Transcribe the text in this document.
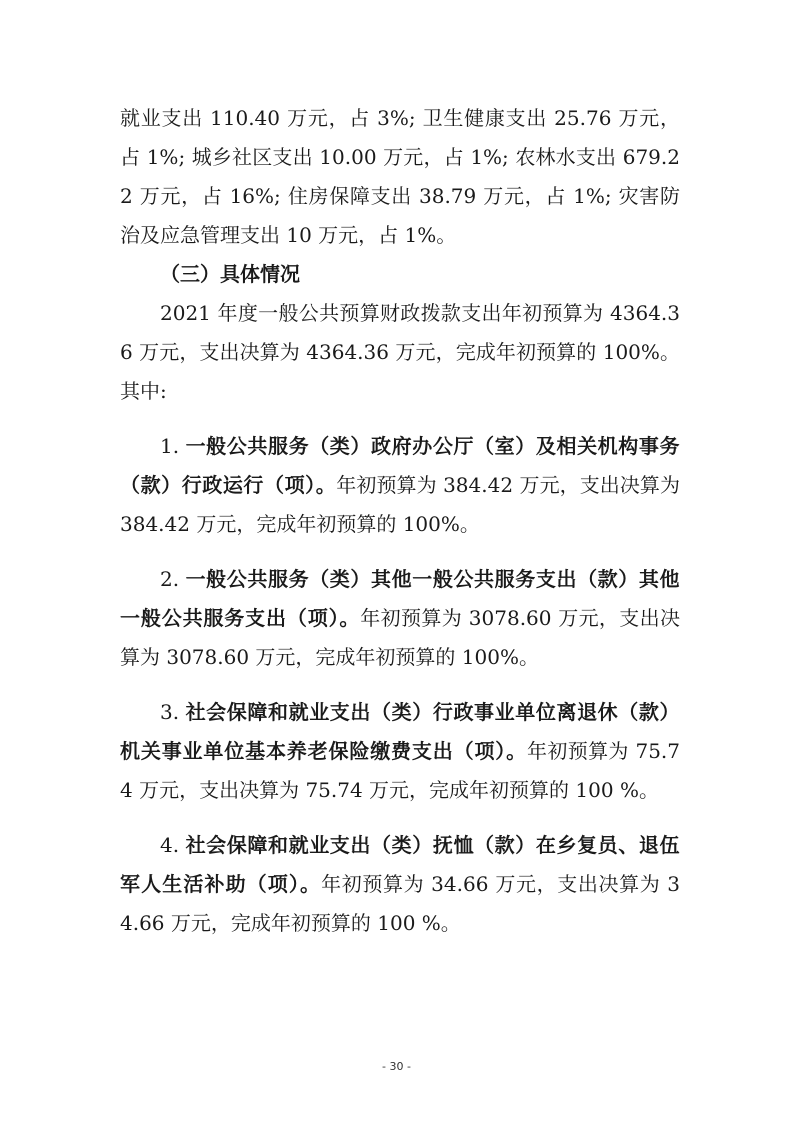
就业支出 110.40 万元，占 3%; 卫生健康支出 25.76 万元，占 1%; 城乡社区支出 10.00 万元，占 1%; 农林水支出 679.22 万元，占 16%; 住房保障支出 38.79 万元，占 1%; 灾害防治及应急管理支出 10 万元，占 1%。

（三）具体情况

2021 年度一般公共预算财政拨款支出年初预算为 4364.36 万元，支出决算为 4364.36 万元，完成年初预算的 100%。其中:

1. 一般公共服务（类）政府办公厅（室）及相关机构事务（款）行政运行（项）。年初预算为 384.42 万元，支出决算为 384.42 万元，完成年初预算的 100%。

2. 一般公共服务（类）其他一般公共服务支出（款）其他一般公共服务支出（项）。年初预算为 3078.60 万元，支出决算为 3078.60 万元，完成年初预算的 100%。

3. 社会保障和就业支出（类）行政事业单位离退休（款）机关事业单位基本养老保险缴费支出（项）。年初预算为 75.74 万元，支出决算为 75.74 万元，完成年初预算的 100 %。

4. 社会保障和就业支出（类）抚恤（款）在乡复员、退伍军人生活补助（项）。年初预算为 34.66 万元，支出决算为 34.66 万元，完成年初预算的 100 %。

- 30 -
